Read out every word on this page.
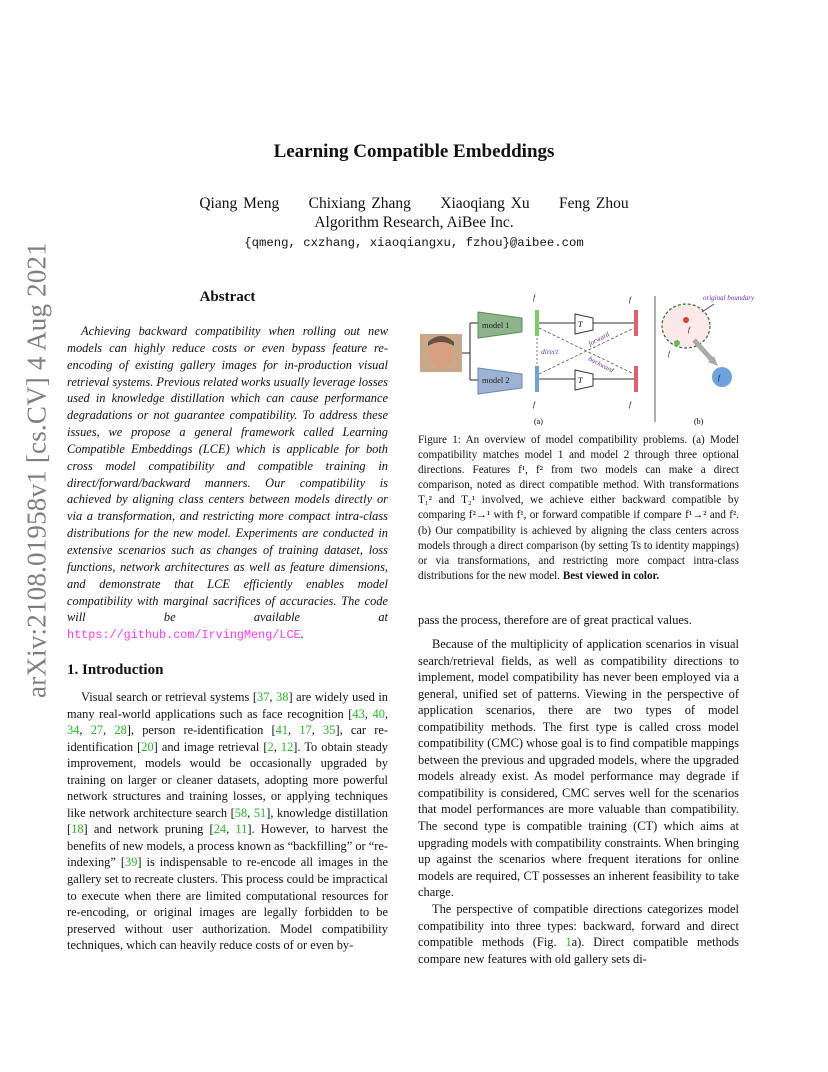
Learning Compatible Embeddings
Qiang Meng     Chixiang Zhang     Xiaoqiang Xu     Feng Zhou
Algorithm Research, AiBee Inc.
{qmeng, cxzhang, xiaoqiangxu, fzhou}@aibee.com
arXiv:2108.01958v1 [cs.CV] 4 Aug 2021	Abstract
Achieving backward compatibility when rolling out new models can highly reduce costs or even bypass feature re-encoding of existing gallery images for in-production visual retrieval systems. Previous related works usually leverage losses used in knowledge distillation which can cause performance degradations or not guarantee compatibility. To address these issues, we propose a general framework called Learning Compatible Embeddings (LCE) which is applicable for both cross model compatibility and compatible training in direct/forward/backward manners. Our compatibility is achieved by aligning class centers between models directly or via a transformation, and restricting more compact intra-class distributions for the new model. Experiments are conducted in extensive scenarios such as changes of training dataset, loss functions, network architectures as well as feature dimensions, and demonstrate that LCE efficiently enables model compatibility with marginal sacrifices of accuracies. The code will be available at https://github.com/IrvingMeng/LCE.
1. Introduction
Visual search or retrieval systems [37, 38] are widely used in many real-world applications such as face recognition [43, 40, 34, 27, 28], person re-identification [41, 17, 35], car re-identification [20] and image retrieval [2, 12]. To obtain steady improvement, models would be occasionally upgraded by training on larger or cleaner datasets, adopting more powerful network structures and training losses, or applying techniques like network architecture search [58, 51], knowledge distillation [18] and network pruning [24, 11]. However, to harvest the benefits of new models, a process known as “backfilling” or “re-indexing” [39] is indispensable to re-encode all images in the gallery set to recreate clusters. This process could be impractical to execute when there are limited computational resources for re-encoding, or original images are legally forbidden to be preserved without user authorization. Model compatibility techniques, which can heavily reduce costs of or even by-
model 1
model 2
f
f
T
T
direct
forward
backward
f
f
f
f
f
original boundary
(a)	(b)
Figure 1: An overview of model compatibility problems. (a) Model compatibility matches model 1 and model 2 through three optional directions. Features f¹, f² from two models can make a direct comparison, noted as direct compatible method. With transformations T₁² and T₂¹ involved, we achieve either backward compatible by comparing f²→¹ with f¹, or forward compatible if compare f¹→² and f². (b) Our compatibility is achieved by aligning the class centers across models through a direct comparison (by setting Ts to identity mappings) or via transformations, and restricting more compact intra-class distributions for the new model. Best viewed in color.

pass the process, therefore are of great practical values.

Because of the multiplicity of application scenarios in visual search/retrieval fields, as well as compatibility directions to implement, model compatibility has never been employed via a general, unified set of patterns. Viewing in the perspective of application scenarios, there are two types of model compatibility methods. The first type is called cross model compatibility (CMC) whose goal is to find compatible mappings between the previous and upgraded models, where the upgraded models already exist. As model performance may degrade if compatibility is considered, CMC serves well for the scenarios that model performances are more valuable than compatibility. The second type is compatible training (CT) which aims at upgrading models with compatibility constraints. When bringing up against the scenarios where frequent iterations for online models are required, CT possesses an inherent feasibility to take charge.

The perspective of compatible directions categorizes model compatibility into three types: backward, forward and direct compatible methods (Fig. 1a). Direct compatible methods compare new features with old gallery sets di-
